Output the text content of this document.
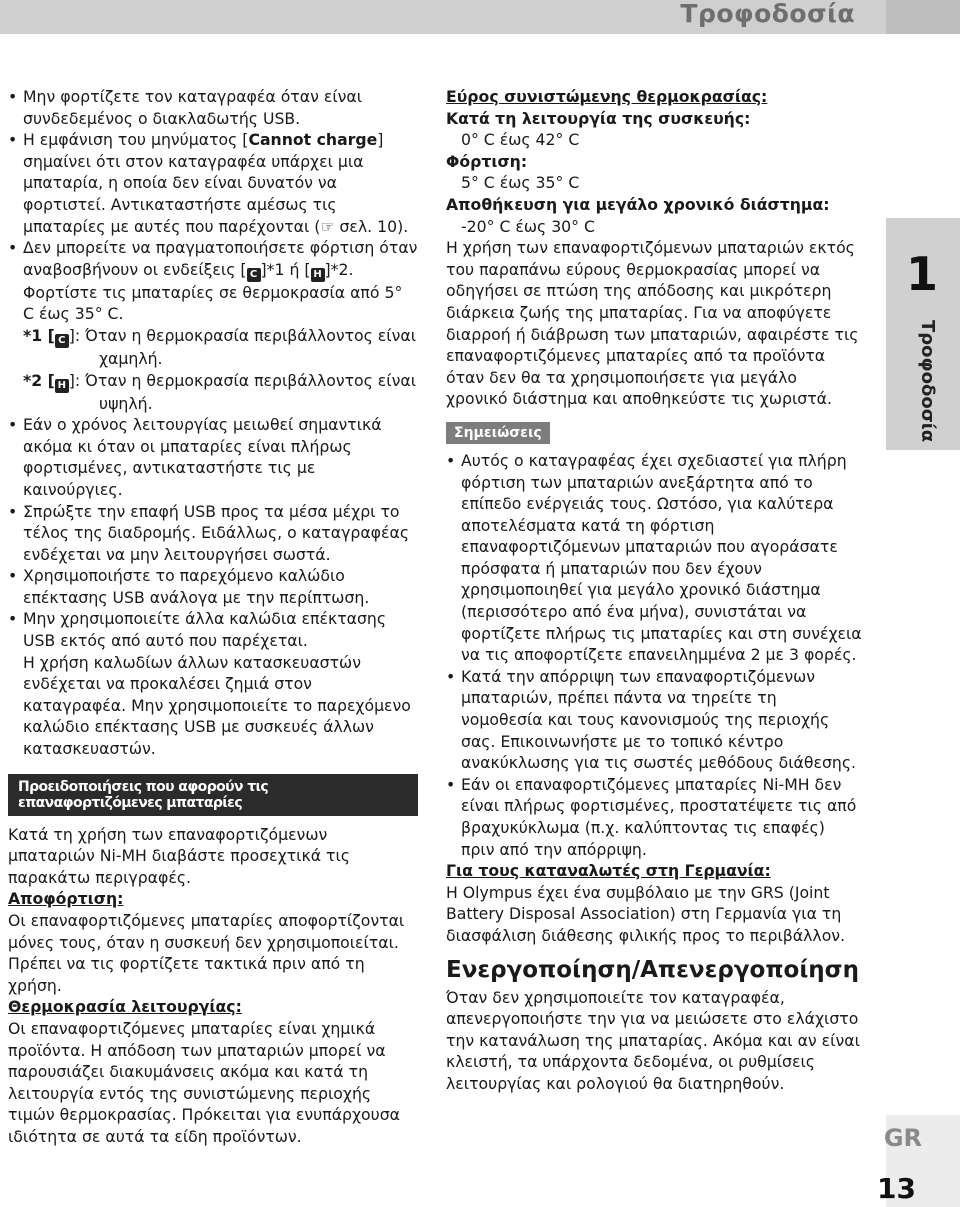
Τροφοδοσία
• Μην φορτίζετε τον καταγραφέα όταν είναι συνδεδεμένος ο διακλαδωτής USB.
• Η εμφάνιση του μηνύματος [Cannot charge] σημαίνει ότι στον καταγραφέα υπάρχει μια μπαταρία, η οποία δεν είναι δυνατόν να φορτιστεί. Αντικαταστήστε αμέσως τις μπαταρίες με αυτές που παρέχονται (☞ σελ. 10).
• Δεν μπορείτε να πραγματοποιήσετε φόρτιση όταν αναβοσβήνουν οι ενδείξεις [ C ]*1 ή [ H ]*2. Φορτίστε τις μπαταρίες σε θερμοκρασία από 5° C έως 35° C.
*1 [ C ]: Όταν η θερμοκρασία περιβάλλοντος είναι χαμηλή.
*2 [ H ]: Όταν η θερμοκρασία περιβάλλοντος είναι υψηλή.
• Εάν ο χρόνος λειτουργίας μειωθεί σημαντικά ακόμα κι όταν οι μπαταρίες είναι πλήρως φορτισμένες, αντικαταστήστε τις με καινούργιες.
• Σπρώξτε την επαφή USB προς τα μέσα μέχρι το τέλος της διαδρομής. Ειδάλλως, ο καταγραφέας ενδέχεται να μην λειτουργήσει σωστά.
• Χρησιμοποιήστε το παρεχόμενο καλώδιο επέκτασης USB ανάλογα με την περίπτωση.
• Μην χρησιμοποιείτε άλλα καλώδια επέκτασης USB εκτός από αυτό που παρέχεται.
Η χρήση καλωδίων άλλων κατασκευαστών ενδέχεται να προκαλέσει ζημιά στον καταγραφέα. Μην χρησιμοποιείτε το παρεχόμενο καλώδιο επέκτασης USB με συσκευές άλλων κατασκευαστών.
Προειδοποιήσεις που αφορούν τις επαναφορτιζόμενες μπαταρίες
Κατά τη χρήση των επαναφορτιζόμενων μπαταριών Ni-MH διαβάστε προσεχτικά τις παρακάτω περιγραφές.
Αποφόρτιση:
Οι επαναφορτιζόμενες μπαταρίες αποφορτίζονται μόνες τους, όταν η συσκευή δεν χρησιμοποιείται. Πρέπει να τις φορτίζετε τακτικά πριν από τη χρήση.
Θερμοκρασία λειτουργίας:
Οι επαναφορτιζόμενες μπαταρίες είναι χημικά προϊόντα. Η απόδοση των μπαταριών μπορεί να παρουσιάζει διακυμάνσεις ακόμα και κατά τη λειτουργία εντός της συνιστώμενης περιοχής τιμών θερμοκρασίας. Πρόκειται για ενυπάρχουσα ιδιότητα σε αυτά τα είδη προϊόντων.
Εύρος συνιστώμενης θερμοκρασίας:
Κατά τη λειτουργία της συσκευής:
0° C έως 42° C
Φόρτιση:
5° C έως 35° C
Αποθήκευση για μεγάλο χρονικό διάστημα:
-20° C έως 30° C
Η χρήση των επαναφορτιζόμενων μπαταριών εκτός του παραπάνω εύρους θερμοκρασίας μπορεί να οδηγήσει σε πτώση της απόδοσης και μικρότερη διάρκεια ζωής της μπαταρίας. Για να αποφύγετε διαρροή ή διάβρωση των μπαταριών, αφαιρέστε τις επαναφορτιζόμενες μπαταρίες από τα προϊόντα όταν δεν θα τα χρησιμοποιήσετε για μεγάλο χρονικό διάστημα και αποθηκεύστε τις χωριστά.
Σημειώσεις
• Αυτός ο καταγραφέας έχει σχεδιαστεί για πλήρη φόρτιση των μπαταριών ανεξάρτητα από το επίπεδο ενέργειάς τους. Ωστόσο, για καλύτερα αποτελέσματα κατά τη φόρτιση επαναφορτιζόμενων μπαταριών που αγοράσατε πρόσφατα ή μπαταριών που δεν έχουν χρησιμοποιηθεί για μεγάλο χρονικό διάστημα (περισσότερο από ένα μήνα), συνιστάται να φορτίζετε πλήρως τις μπαταρίες και στη συνέχεια να τις αποφορτίζετε επανειλημμένα 2 με 3 φορές.
• Κατά την απόρριψη των επαναφορτιζόμενων μπαταριών, πρέπει πάντα να τηρείτε τη νομοθεσία και τους κανονισμούς της περιοχής σας. Επικοινωνήστε με το τοπικό κέντρο ανακύκλωσης για τις σωστές μεθόδους διάθεσης.
• Εάν οι επαναφορτιζόμενες μπαταρίες Ni-MH δεν είναι πλήρως φορτισμένες, προστατέψετε τις από βραχυκύκλωμα (π.χ. καλύπτοντας τις επαφές) πριν από την απόρριψη.
Για τους καταναλωτές στη Γερμανία:
Η Olympus έχει ένα συμβόλαιο με την GRS (Joint Battery Disposal Association) στη Γερμανία για τη διασφάλιση διάθεσης φιλικής προς το περιβάλλον.
Ενεργοποίηση/Απενεργοποίηση
Όταν δεν χρησιμοποιείτε τον καταγραφέα, απενεργοποιήστε την για να μειώσετε στο ελάχιστο την κατανάλωση της μπαταρίας. Ακόμα και αν είναι κλειστή, τα υπάρχοντα δεδομένα, οι ρυθμίσεις λειτουργίας και ρολογιού θα διατηρηθούν.
1
Τροφοδοσία
GR
13
